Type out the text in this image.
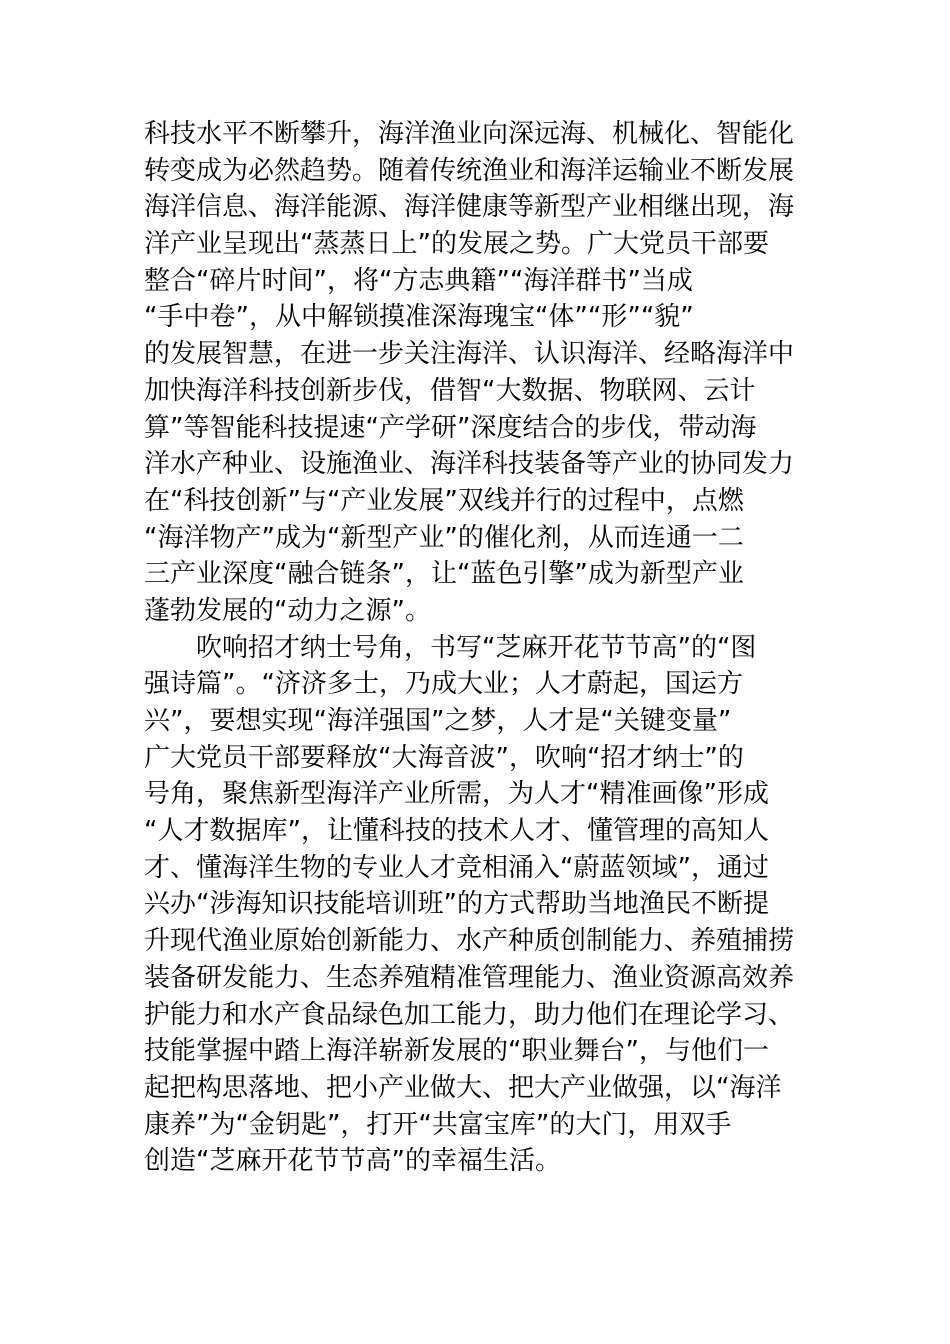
科技水平不断攀升，海洋渔业向深远海、机械化、智能化
转变成为必然趋势。随着传统渔业和海洋运输业不断发展
海洋信息、海洋能源、海洋健康等新型产业相继出现，海
洋产业呈现出“蒸蒸日上”的发展之势。广大党员干部要
整合“碎片时间”，将“方志典籍”“海洋群书”当成
“手中卷”，从中解锁摸准深海瑰宝“体”“形”“貌”
的发展智慧，在进一步关注海洋、认识海洋、经略海洋中
加快海洋科技创新步伐，借智“大数据、物联网、云计
算”等智能科技提速“产学研”深度结合的步伐，带动海
洋水产种业、设施渔业、海洋科技装备等产业的协同发力
在“科技创新”与“产业发展”双线并行的过程中，点燃
“海洋物产”成为“新型产业”的催化剂，从而连通一二
三产业深度“融合链条”，让“蓝色引擎”成为新型产业
蓬勃发展的“动力之源”。
　　吹响招才纳士号角，书写“芝麻开花节节高”的“图
强诗篇”。“济济多士，乃成大业；人才蔚起，国运方
兴”，要想实现“海洋强国”之梦，人才是“关键变量”
广大党员干部要释放“大海音波”，吹响“招才纳士”的
号角，聚焦新型海洋产业所需，为人才“精准画像”形成
“人才数据库”，让懂科技的技术人才、懂管理的高知人
才、懂海洋生物的专业人才竞相涌入“蔚蓝领域”，通过
兴办“涉海知识技能培训班”的方式帮助当地渔民不断提
升现代渔业原始创新能力、水产种质创制能力、养殖捕捞
装备研发能力、生态养殖精准管理能力、渔业资源高效养
护能力和水产食品绿色加工能力，助力他们在理论学习、
技能掌握中踏上海洋崭新发展的“职业舞台”，与他们一
起把构思落地、把小产业做大、把大产业做强，以“海洋
康养”为“金钥匙”，打开“共富宝库”的大门，用双手
创造“芝麻开花节节高”的幸福生活。
